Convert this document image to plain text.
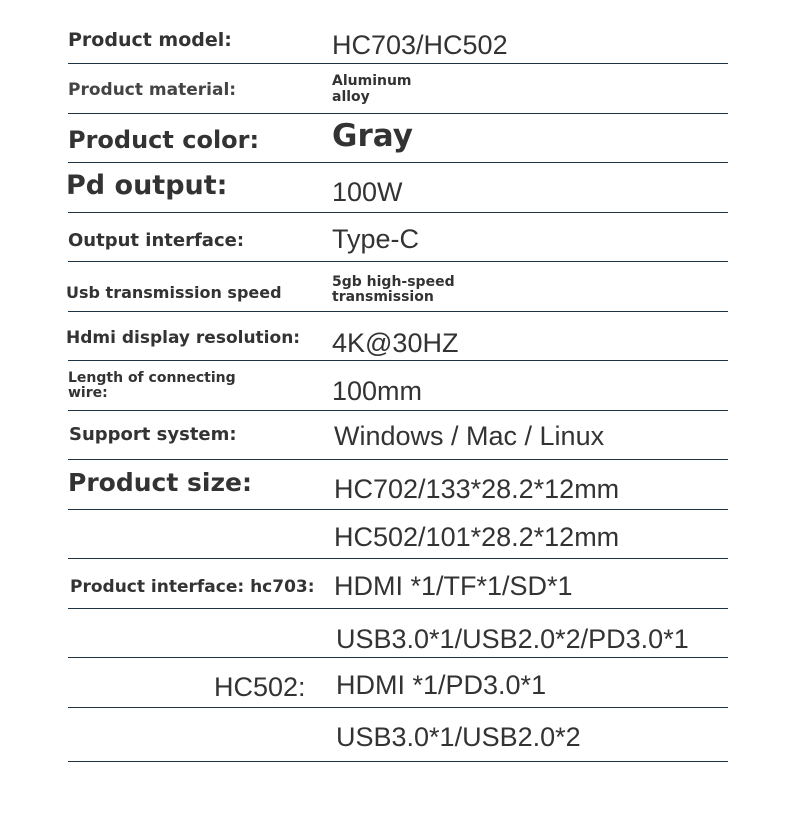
Product model:	HC703/HC502
Product material:	Aluminum
alloy
Product color: Gray
Pd output:	100W
Output interface:	Type-C
Usb transmission speed
5gb high-speed
transmission
Hdmi display resolution: 4K@30HZ
Length of connecting
wire:	100mm
Support system:	Windows / Mac / Linux
Product size:	HC702/133*28.2*12mm
HC502/101*28.2*12mm
Product interface: hc703: HDMI *1/TF*1/SD*1
USB3.0*1/USB2.0*2/PD3.0*1
HC502: HDMI *1/PD3.0*1
USB3.0*1/USB2.0*2
